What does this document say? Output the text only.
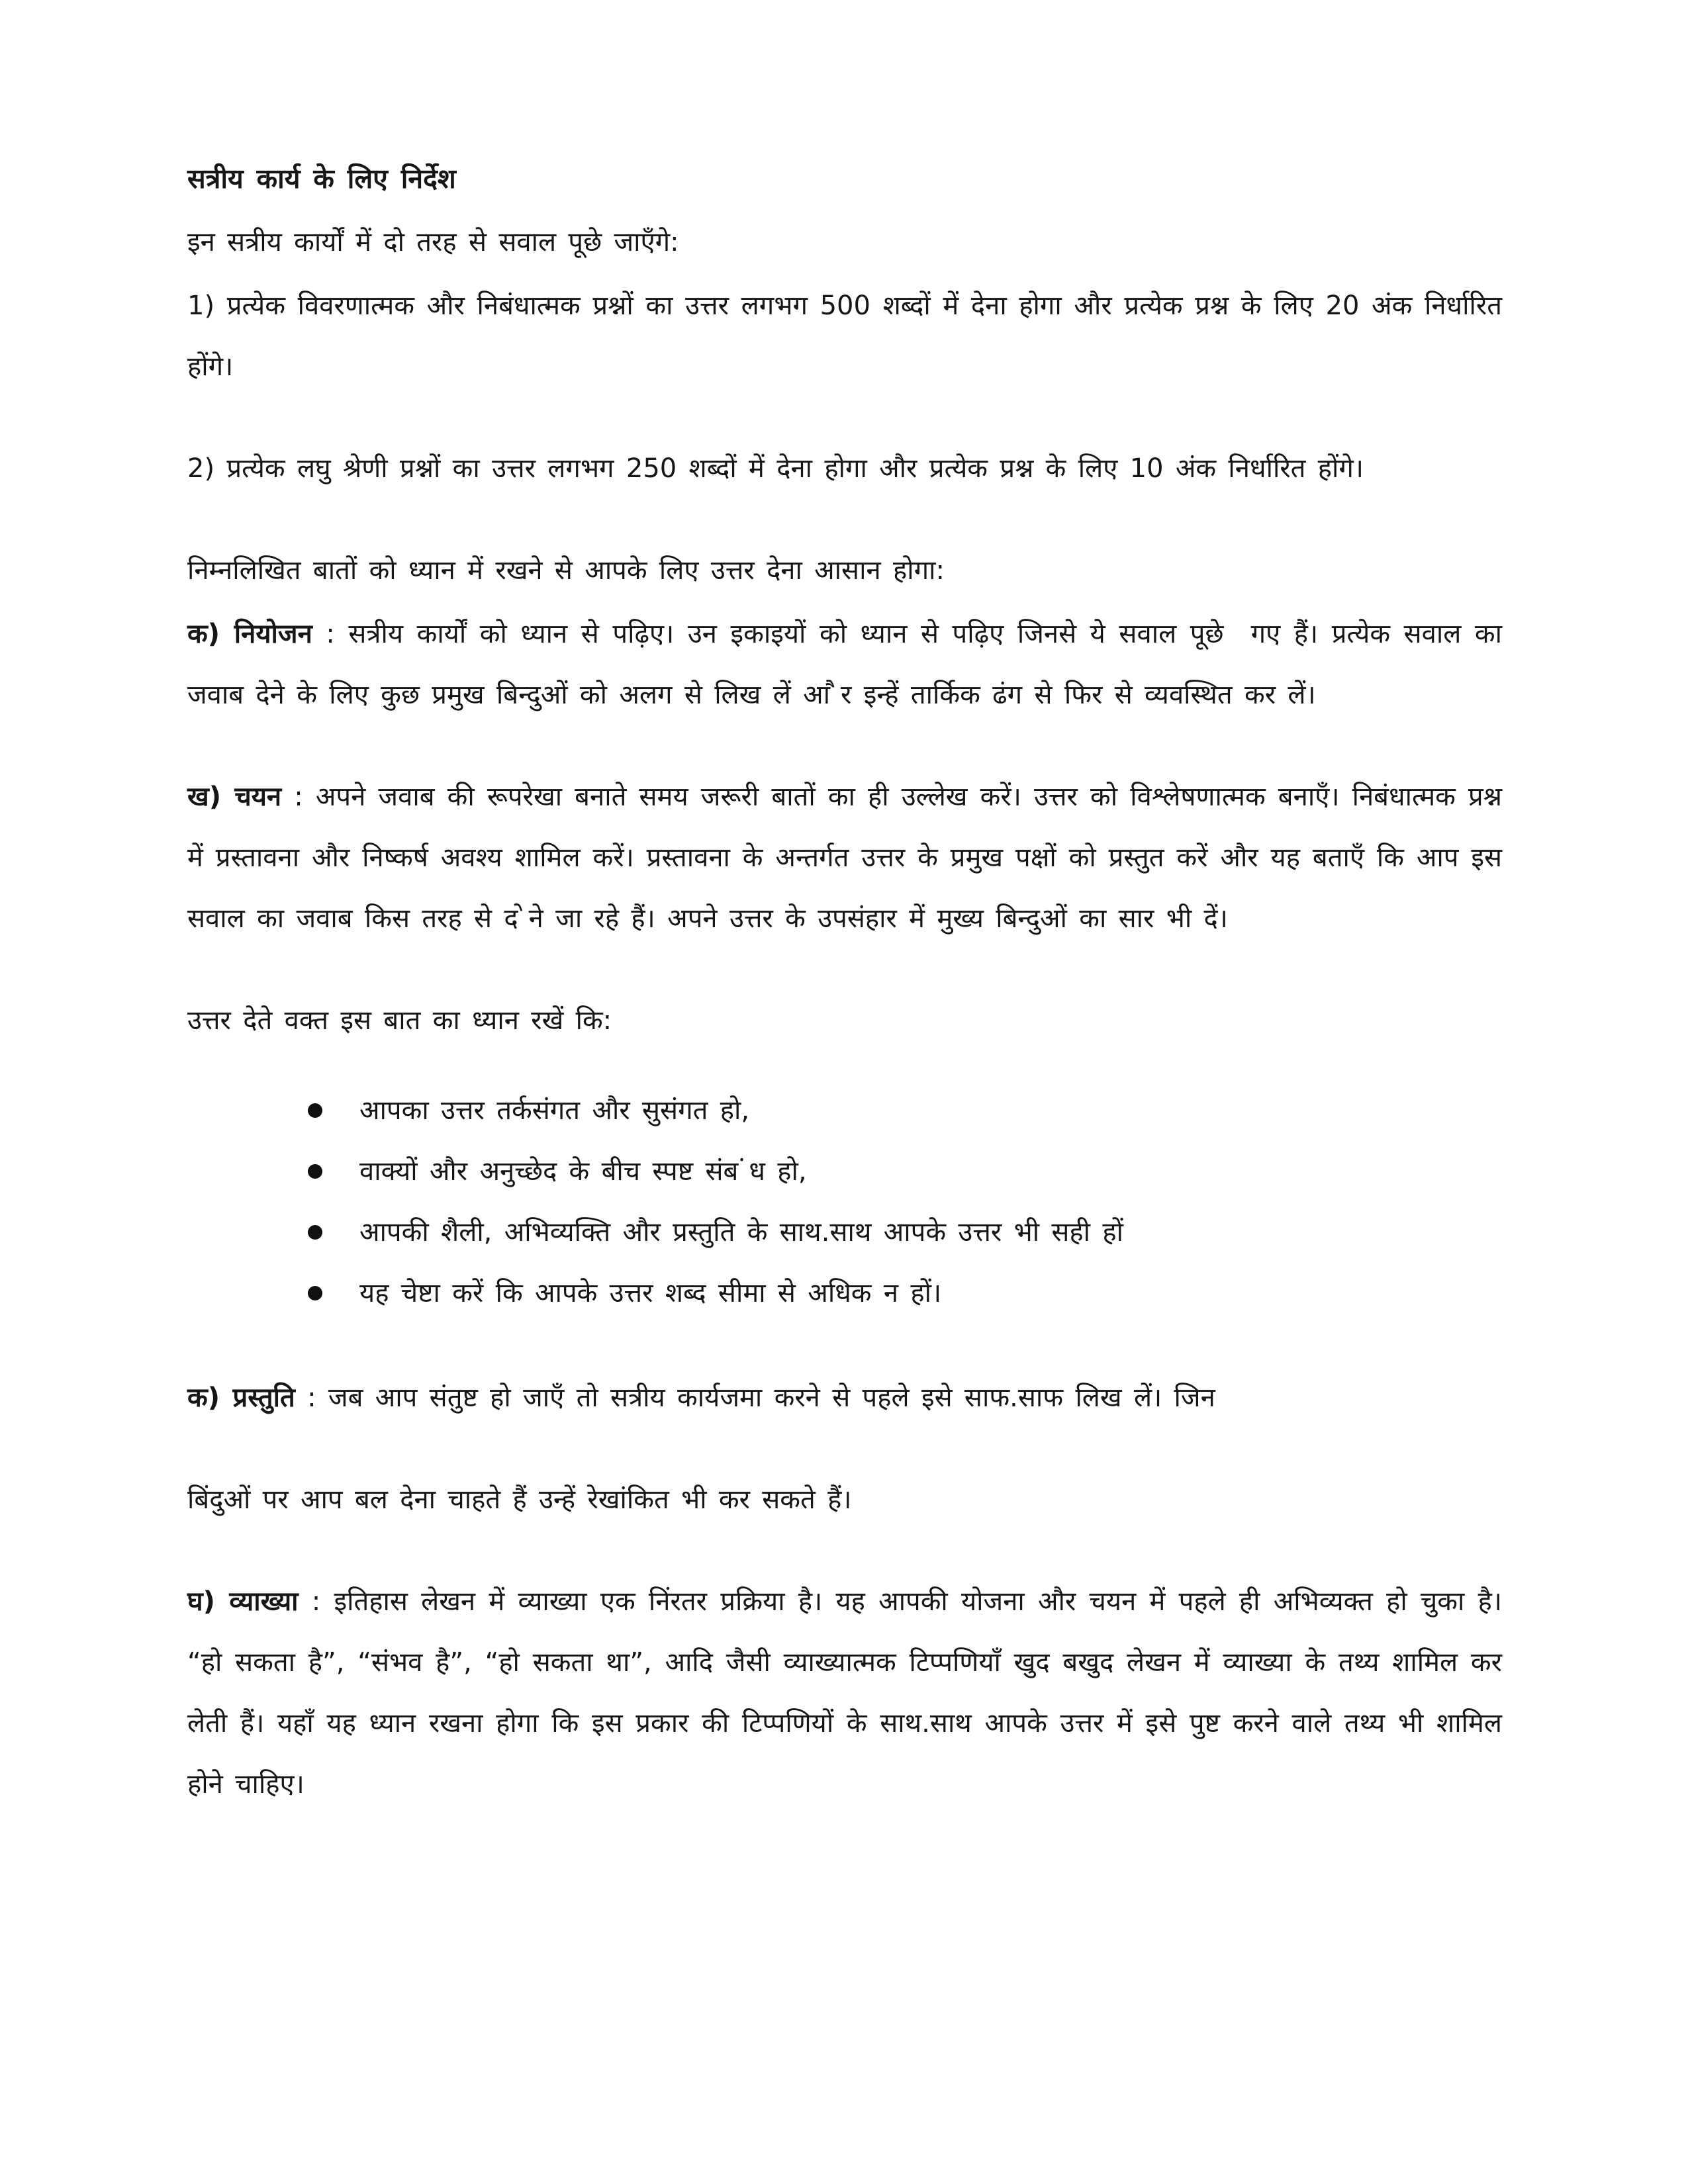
सत्रीय कार्य के लिए निर्देश

इन सत्रीय कार्यों में दो तरह से सवाल पूछे जाएँगे:

1) प्रत्येक विवरणात्मक और निबंधात्मक प्रश्नों का उत्तर लगभग 500 शब्दों में देना होगा और प्रत्येक प्रश्न के लिए 20 अंक निर्धारित होंगे।

2) प्रत्येक लघु श्रेणी प्रश्नों का उत्तर लगभग 250 शब्दों में देना होगा और प्रत्येक प्रश्न के लिए 10 अंक निर्धारित होंगे।

निम्नलिखित बातों को ध्यान में रखने से आपके लिए उत्तर देना आसान होगा:

क) नियोजन : सत्रीय कार्यों को ध्यान से पढ़िए। उन इकाइयों को ध्यान से पढ़िए जिनसे ये सवाल पूछे  गए हैं। प्रत्येक सवाल का जवाब देने के लिए कुछ प्रमुख बिन्दुओं को अलग से लिख लें आ ैर इन्हें तार्किक ढंग से फिर से व्यवस्थित कर लें।

ख) चयन : अपने जवाब की रूपरेखा बनाते समय जरूरी बातों का ही उल्लेख करें। उत्तर को विश्लेषणात्मक बनाएँ। निबंधात्मक प्रश्न में प्रस्तावना और निष्कर्ष अवश्य शामिल करें। प्रस्तावना के अन्तर्गत उत्तर के प्रमुख पक्षों को प्रस्तुत करें और यह बताएँ कि आप इस सवाल का जवाब किस तरह से द ेने जा रहे हैं। अपने उत्तर के उपसंहार में मुख्य बिन्दुओं का सार भी दें।

उत्तर देते वक्त इस बात का ध्यान रखें कि:

आपका उत्तर तर्कसंगत और सुसंगत हो,
वाक्यों और अनुच्छेद के बीच स्पष्ट संब ंध हो,
आपकी शैली, अभिव्यक्ति और प्रस्तुति के साथ.साथ आपके उत्तर भी सही हों
यह चेष्टा करें कि आपके उत्तर शब्द सीमा से अधिक न हों।

क) प्रस्तुति : जब आप संतुष्ट हो जाएँ तो सत्रीय कार्यजमा करने से पहले इसे साफ.साफ लिख लें। जिन

बिंदुओं पर आप बल देना चाहते हैं उन्हें रेखांकित भी कर सकते हैं।

घ) व्याख्या : इतिहास लेखन में व्याख्या एक निंरतर प्रक्रिया है। यह आपकी योजना और चयन में पहले ही अभिव्यक्त हो चुका है। “हो सकता है”, “संभव है”, “हो सकता था”, आदि जैसी व्याख्यात्मक टिप्पणियाँ खुद बखुद लेखन में व्याख्या के तथ्य शामिल कर लेती हैं। यहाँ यह ध्यान रखना होगा कि इस प्रकार की टिप्पणियों के साथ.साथ आपके उत्तर में इसे पुष्ट करने वाले तथ्य भी शामिल होने चाहिए।
